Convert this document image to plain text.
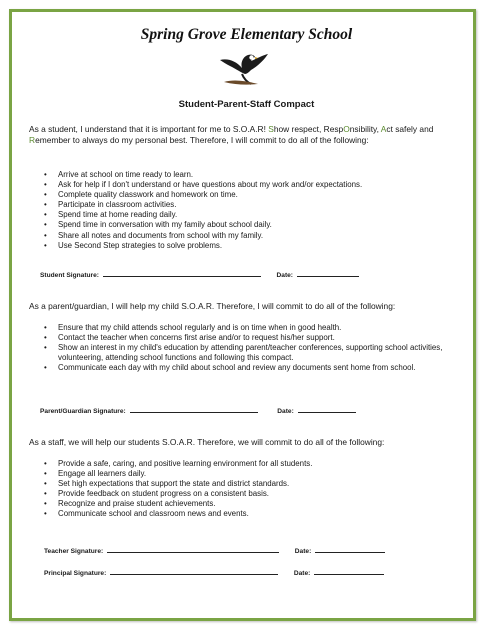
Spring Grove Elementary School
Student-Parent-Staff Compact
As a student, I understand that it is important for me to S.O.A.R! Show respect, RespOnsibility, Act safely and Remember to always do my personal best. Therefore, I will commit to do all of the following:
• Arrive at school on time ready to learn.
• Ask for help if I don't understand or have questions about my work and/or expectations.
• Complete quality classwork and homework on time.
• Participate in classroom activities.
• Spend time at home reading daily.
• Spend time in conversation with my family about school daily.
• Share all notes and documents from school with my family.
• Use Second Step strategies to solve problems.
Student Signature:	Date:
As a parent/guardian, I will help my child S.O.A.R. Therefore, I will commit to do all of the following:
• Ensure that my child attends school regularly and is on time when in good health.
• Contact the teacher when concerns first arise and/or to request his/her support.
• Show an interest in my child's education by attending parent/teacher conferences, supporting school activities, volunteering, attending school functions and following this compact.
• Communicate each day with my child about school and review any documents sent home from school.
Parent/Guardian Signature:	Date:
As a staff, we will help our students S.O.A.R. Therefore, we will commit to do all of the following:
• Provide a safe, caring, and positive learning environment for all students.
• Engage all learners daily.
• Set high expectations that support the state and district standards.
• Provide feedback on student progress on a consistent basis.
• Recognize and praise student achievements.
• Communicate school and classroom news and events.
Teacher Signature:	Date:
Principal Signature:	Date:
